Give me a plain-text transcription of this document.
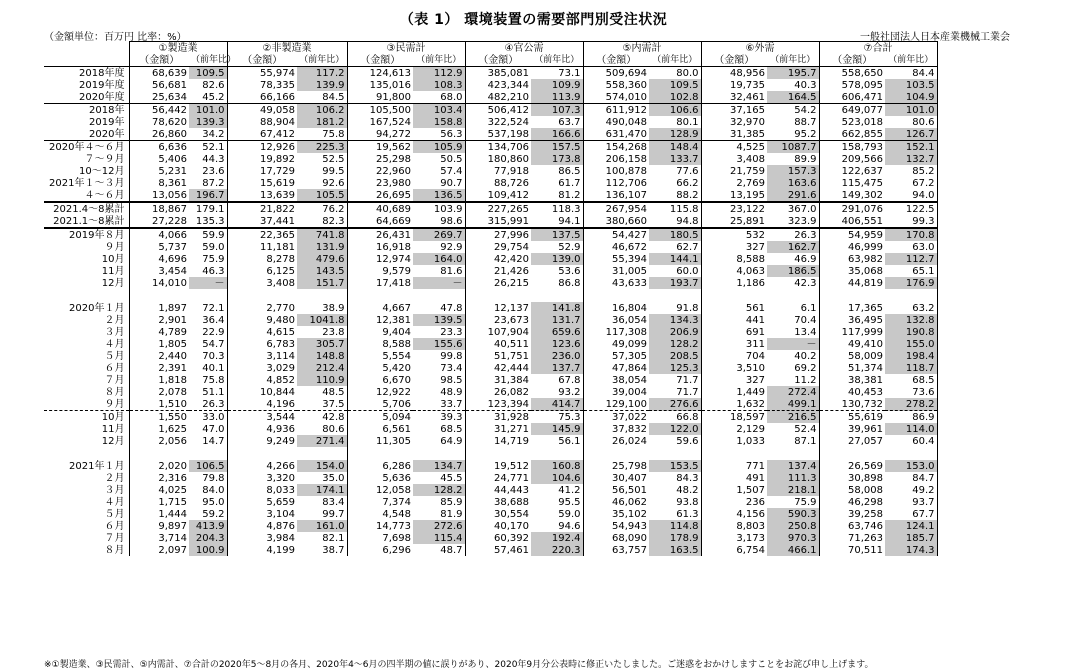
（表 1） 環境装置の需要部門別受注状況
（金額単位：百万円 比率：%）	一般社団法人日本産業機械工業会
	①製造業		②非製造業		③民需計		④官公需		⑤内需計		⑥外需		⑦合計	
	（金額）	（前年比）	（金額）	（前年比）	（金額）	（前年比）	（金額）	（前年比）	（金額）	（前年比）	（金額）	（前年比）	（金額）	（前年比）
2018年度	68,639	109.5	55,974	117.2	124,613	112.9	385,081	73.1	509,694	80.0	48,956	195.7	558,650	84.4
2019年度	56,681	82.6	78,335	139.9	135,016	108.3	423,344	109.9	558,360	109.5	19,735	40.3	578,095	103.5
2020年度	25,634	45.2	66,166	84.5	91,800	68.0	482,210	113.9	574,010	102.8	32,461	164.5	606,471	104.9
2018年	56,442	101.0	49,058	106.2	105,500	103.4	506,412	107.3	611,912	106.6	37,165	54.2	649,077	101.0
2019年	78,620	139.3	88,904	181.2	167,524	158.8	322,524	63.7	490,048	80.1	32,970	88.7	523,018	80.6
2020年	26,860	34.2	67,412	75.8	94,272	56.3	537,198	166.6	631,470	128.9	31,385	95.2	662,855	126.7
2020年４～６月	6,636	52.1	12,926	225.3	19,562	105.9	134,706	157.5	154,268	148.4	4,525	1087.7	158,793	152.1
７～９月	5,406	44.3	19,892	52.5	25,298	50.5	180,860	173.8	206,158	133.7	3,408	89.9	209,566	132.7
10～12月	5,231	23.6	17,729	99.5	22,960	57.4	77,918	86.5	100,878	77.6	21,759	157.3	122,637	85.2
2021年１～３月	8,361	87.2	15,619	92.6	23,980	90.7	88,726	61.7	112,706	66.2	2,769	163.6	115,475	67.2
４～６月	13,056	196.7	13,639	105.5	26,695	136.5	109,412	81.2	136,107	88.2	13,195	291.6	149,302	94.0
2021.4～8累計	18,867	179.1	21,822	76.2	40,689	103.9	227,265	118.3	267,954	115.8	23,122	367.0	291,076	122.5
2021.1～8累計	27,228	135.3	37,441	82.3	64,669	98.6	315,991	94.1	380,660	94.8	25,891	323.9	406,551	99.3
2019年８月	4,066	59.9	22,365	741.8	26,431	269.7	27,996	137.5	54,427	180.5	532	26.3	54,959	170.8
９月	5,737	59.0	11,181	131.9	16,918	92.9	29,754	52.9	46,672	62.7	327	162.7	46,999	63.0
10月	4,696	75.9	8,278	479.6	12,974	164.0	42,420	139.0	55,394	144.1	8,588	46.9	63,982	112.7
11月	3,454	46.3	6,125	143.5	9,579	81.6	21,426	53.6	31,005	60.0	4,063	186.5	35,068	65.1
12月	14,010	－	3,408	151.7	17,418	－	26,215	86.8	43,633	193.7	1,186	42.3	44,819	176.9

2020年１月	1,897	72.1	2,770	38.9	4,667	47.8	12,137	141.8	16,804	91.8	561	6.1	17,365	63.2
２月	2,901	36.4	9,480	1041.8	12,381	139.5	23,673	131.7	36,054	134.3	441	70.4	36,495	132.8
３月	4,789	22.9	4,615	23.8	9,404	23.3	107,904	659.6	117,308	206.9	691	13.4	117,999	190.8
４月	1,805	54.7	6,783	305.7	8,588	155.6	40,511	123.6	49,099	128.2	311	－	49,410	155.0
５月	2,440	70.3	3,114	148.8	5,554	99.8	51,751	236.0	57,305	208.5	704	40.2	58,009	198.4
６月	2,391	40.1	3,029	212.4	5,420	73.4	42,444	137.7	47,864	125.3	3,510	69.2	51,374	118.7
７月	1,818	75.8	4,852	110.9	6,670	98.5	31,384	67.8	38,054	71.7	327	11.2	38,381	68.5
８月	2,078	51.1	10,844	48.5	12,922	48.9	26,082	93.2	39,004	71.7	1,449	272.4	40,453	73.6
９月	1,510	26.3	4,196	37.5	5,706	33.7	123,394	414.7	129,100	276.6	1,632	499.1	130,732	278.2
10月	1,550	33.0	3,544	42.8	5,094	39.3	31,928	75.3	37,022	66.8	18,597	216.5	55,619	86.9
11月	1,625	47.0	4,936	80.6	6,561	68.5	31,271	145.9	37,832	122.0	2,129	52.4	39,961	114.0
12月	2,056	14.7	9,249	271.4	11,305	64.9	14,719	56.1	26,024	59.6	1,033	87.1	27,057	60.4

2021年１月	2,020	106.5	4,266	154.0	6,286	134.7	19,512	160.8	25,798	153.5	771	137.4	26,569	153.0
２月	2,316	79.8	3,320	35.0	5,636	45.5	24,771	104.6	30,407	84.3	491	111.3	30,898	84.7
３月	4,025	84.0	8,033	174.1	12,058	128.2	44,443	41.2	56,501	48.2	1,507	218.1	58,008	49.2
４月	1,715	95.0	5,659	83.4	7,374	85.9	38,688	95.5	46,062	93.8	236	75.9	46,298	93.7
５月	1,444	59.2	3,104	99.7	4,548	81.9	30,554	59.0	35,102	61.3	4,156	590.3	39,258	67.7
６月	9,897	413.9	4,876	161.0	14,773	272.6	40,170	94.6	54,943	114.8	8,803	250.8	63,746	124.1
７月	3,714	204.3	3,984	82.1	7,698	115.4	60,392	192.4	68,090	178.9	3,173	970.3	71,263	185.7
８月	2,097	100.9	4,199	38.7	6,296	48.7	57,461	220.3	63,757	163.5	6,754	466.1	70,511	174.3
※①製造業、③民需計、⑤内需計、⑦合計の2020年5～8月の各月、2020年4～6月の四半期の値に誤りがあり、2020年9月分公表時に修正いたしました。ご迷惑をおかけしますことをお詫び申し上げます。
